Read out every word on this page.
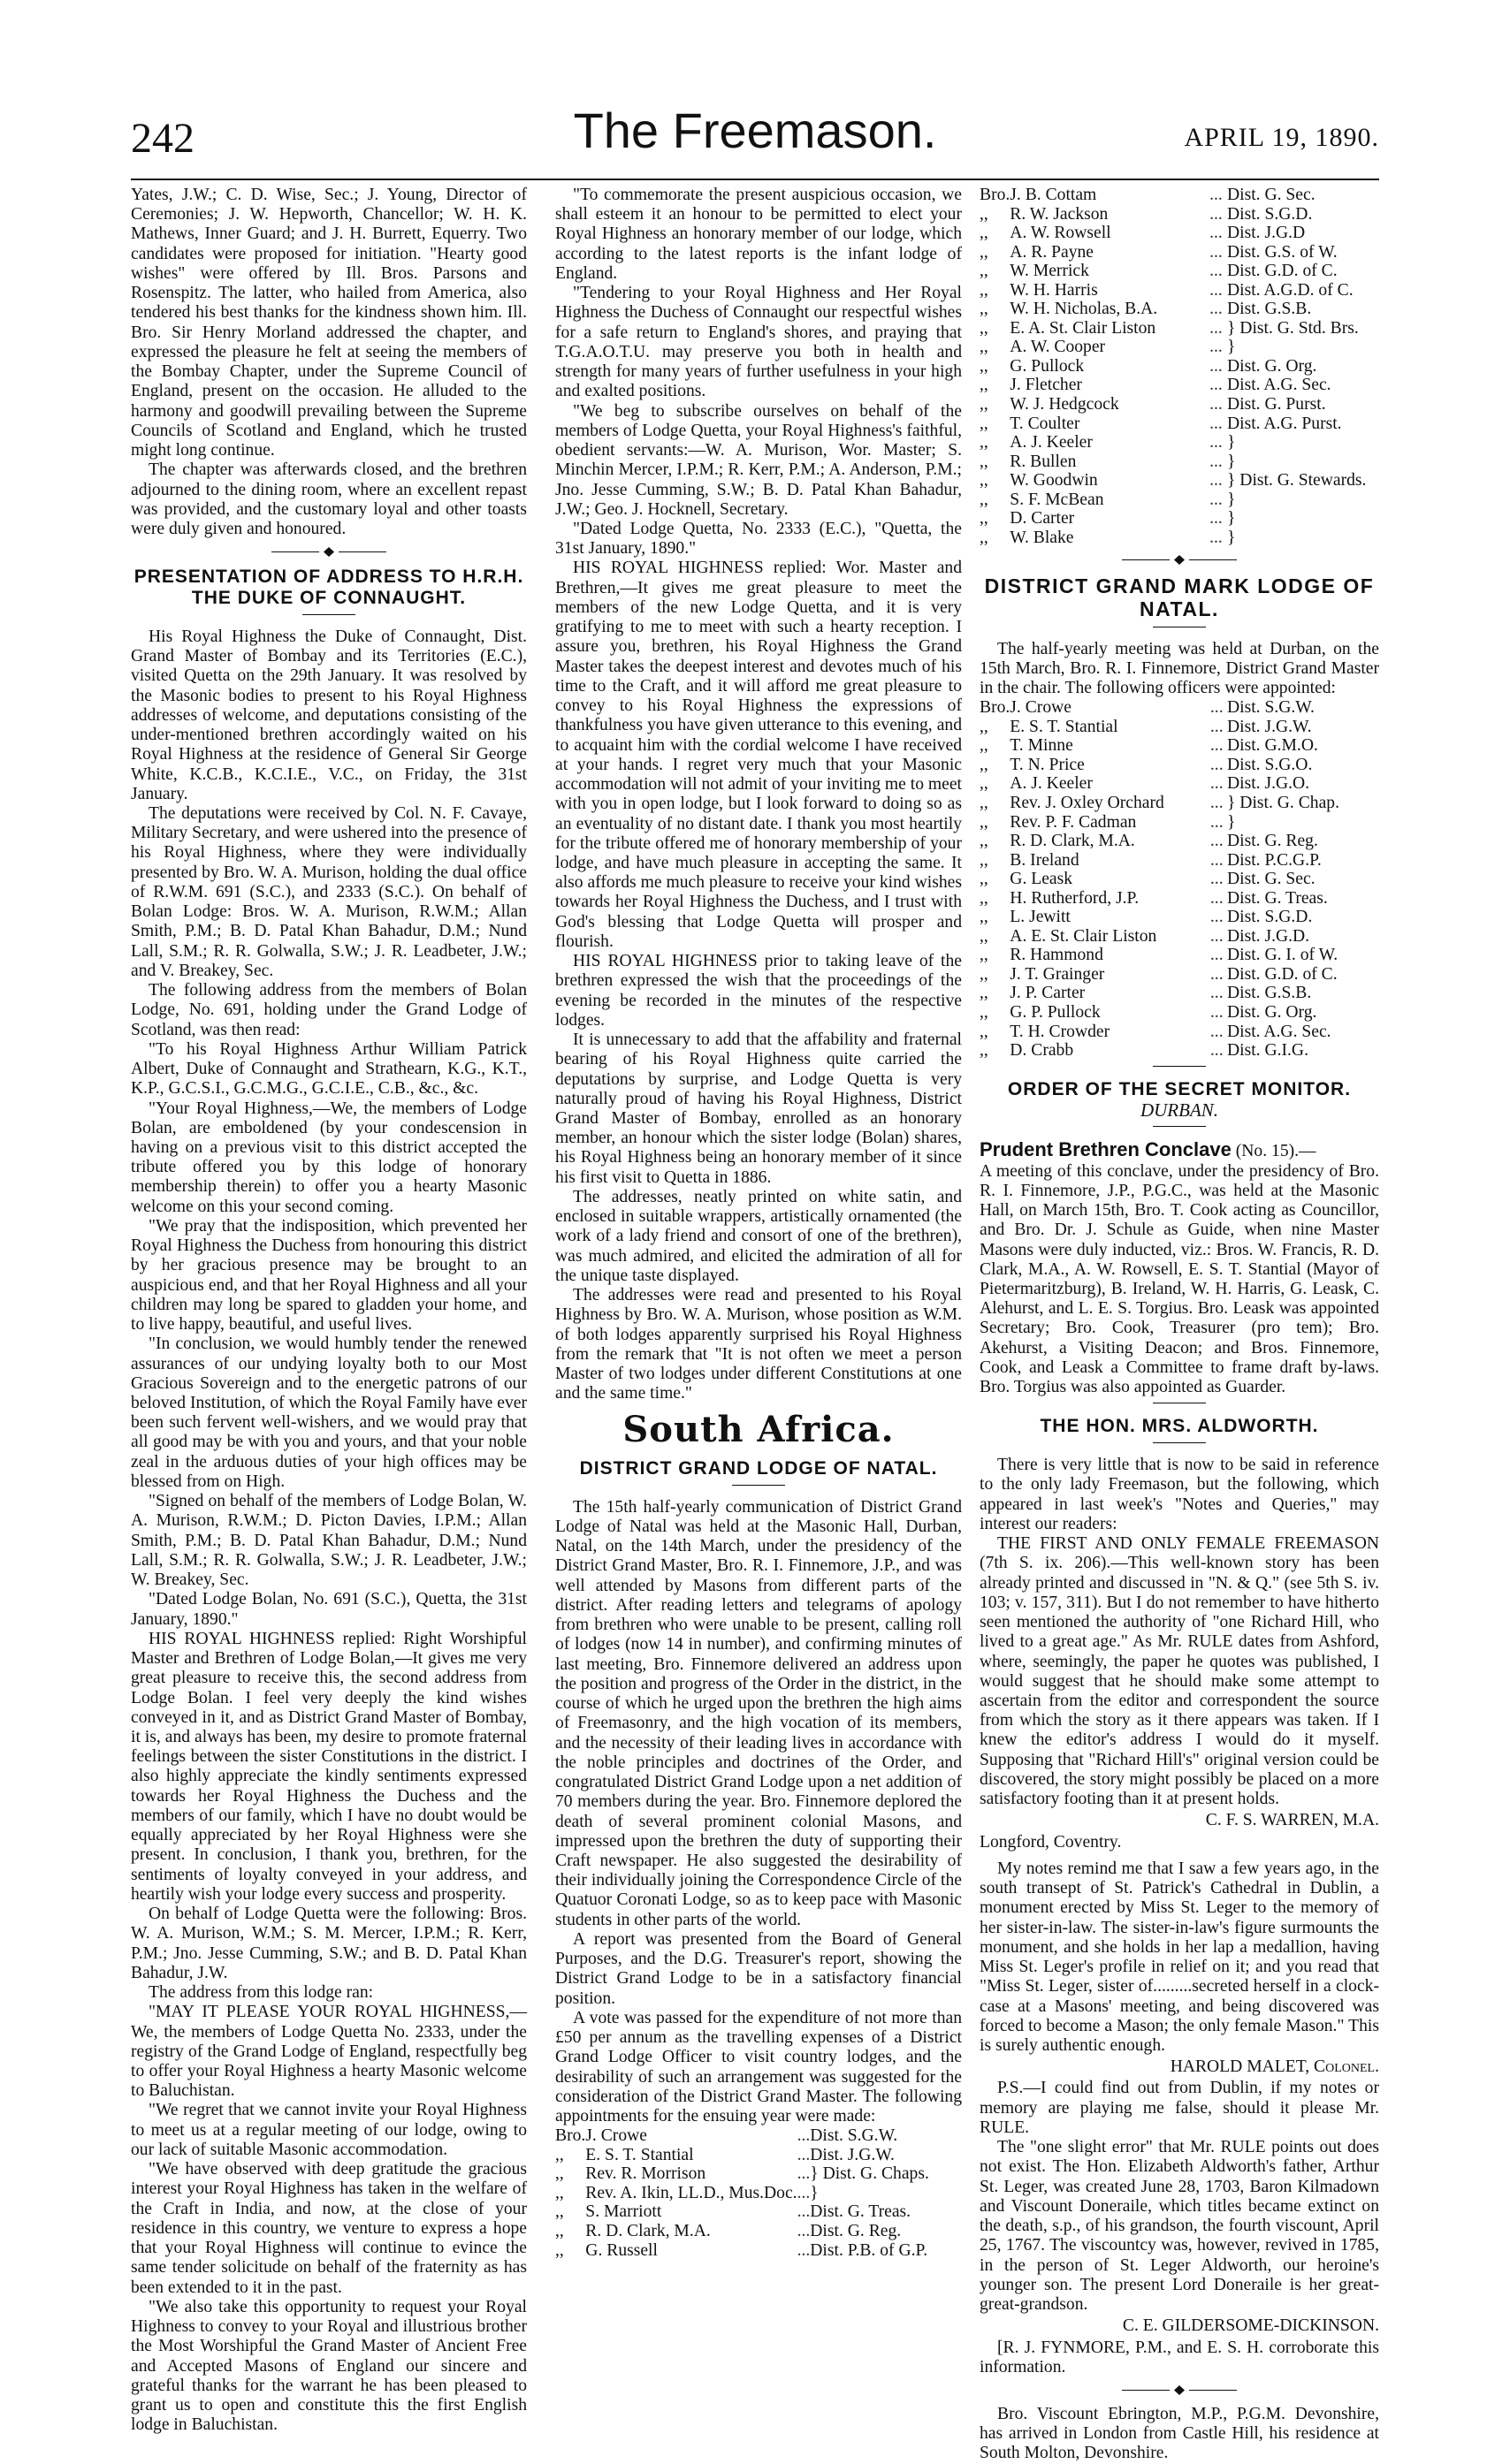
242	The Freemason.	APRIL 19, 1890.

Yates, J.W.; C. D. Wise, Sec.; J. Young, Director of Ceremonies; J. W. Hepworth, Chancellor; W. H. K. Mathews, Inner Guard; and J. H. Burrett, Equerry. Two candidates were proposed for initiation. "Hearty good wishes" were offered by Ill. Bros. Parsons and Rosenspitz. The latter, who hailed from America, also tendered his best thanks for the kindness shown him. Ill. Bro. Sir Henry Morland addressed the chapter, and expressed the pleasure he felt at seeing the members of the Bombay Chapter, under the Supreme Council of England, present on the occasion. He alluded to the harmony and goodwill prevailing between the Supreme Councils of Scotland and England, which he trusted might long continue.

The chapter was afterwards closed, and the brethren adjourned to the dining room, where an excellent repast was provided, and the customary loyal and other toasts were duly given and honoured.

PRESENTATION OF ADDRESS TO H.R.H. THE DUKE OF CONNAUGHT.

His Royal Highness the Duke of Connaught, Dist. Grand Master of Bombay and its Territories (E.C.), visited Quetta on the 29th January. It was resolved by the Masonic bodies to present to his Royal Highness addresses of welcome, and deputations consisting of the under-mentioned brethren accordingly waited on his Royal Highness at the residence of General Sir George White, K.C.B., K.C.I.E., V.C., on Friday, the 31st January.

The deputations were received by Col. N. F. Cavaye, Military Secretary, and were ushered into the presence of his Royal Highness, where they were individually presented by Bro. W. A. Murison, holding the dual office of R.W.M. 691 (S.C.), and 2333 (S.C.). On behalf of Bolan Lodge: Bros. W. A. Murison, R.W.M.; Allan Smith, P.M.; B. D. Patal Khan Bahadur, D.M.; Nund Lall, S.M.; R. R. Golwalla, S.W.; J. R. Leadbeter, J.W.; and V. Breakey, Sec.

The following address from the members of Bolan Lodge, No. 691, holding under the Grand Lodge of Scotland, was then read:

"To his Royal Highness Arthur William Patrick Albert, Duke of Connaught and Strathearn, K.G., K.T., K.P., G.C.S.I., G.C.M.G., G.C.I.E., C.B., &c., &c.

"Your Royal Highness,—We, the members of Lodge Bolan, are emboldened (by your condescension in having on a previous visit to this district accepted the tribute offered you by this lodge of honorary membership therein) to offer you a hearty Masonic welcome on this your second coming.

"We pray that the indisposition, which prevented her Royal Highness the Duchess from honouring this district by her gracious presence may be brought to an auspicious end, and that her Royal Highness and all your children may long be spared to gladden your home, and to live happy, beautiful, and useful lives.

"In conclusion, we would humbly tender the renewed assurances of our undying loyalty both to our Most Gracious Sovereign and to the energetic patrons of our beloved Institution, of which the Royal Family have ever been such fervent well-wishers, and we would pray that all good may be with you and yours, and that your noble zeal in the arduous duties of your high offices may be blessed from on High.

"Signed on behalf of the members of Lodge Bolan, W. A. Murison, R.W.M.; D. Picton Davies, I.P.M.; Allan Smith, P.M.; B. D. Patal Khan Bahadur, D.M.; Nund Lall, S.M.; R. R. Golwalla, S.W.; J. R. Leadbeter, J.W.; W. Breakey, Sec.

"Dated Lodge Bolan, No. 691 (S.C.), Quetta, the 31st January, 1890."

HIS ROYAL HIGHNESS replied: Right Worshipful Master and Brethren of Lodge Bolan,—It gives me very great pleasure to receive this, the second address from Lodge Bolan. I feel very deeply the kind wishes conveyed in it, and as District Grand Master of Bombay, it is, and always has been, my desire to promote fraternal feelings between the sister Constitutions in the district. I also highly appreciate the kindly sentiments expressed towards her Royal Highness the Duchess and the members of our family, which I have no doubt would be equally appreciated by her Royal Highness were she present. In conclusion, I thank you, brethren, for the sentiments of loyalty conveyed in your address, and heartily wish your lodge every success and prosperity.

On behalf of Lodge Quetta were the following: Bros. W. A. Murison, W.M.; S. M. Mercer, I.P.M.; R. Kerr, P.M.; Jno. Jesse Cumming, S.W.; and B. D. Patal Khan Bahadur, J.W.

The address from this lodge ran:

"MAY IT PLEASE YOUR ROYAL HIGHNESS,—We, the members of Lodge Quetta No. 2333, under the registry of the Grand Lodge of England, respectfully beg to offer your Royal Highness a hearty Masonic welcome to Baluchistan.

"We regret that we cannot invite your Royal Highness to meet us at a regular meeting of our lodge, owing to our lack of suitable Masonic accommodation.

"We have observed with deep gratitude the gracious interest your Royal Highness has taken in the welfare of the Craft in India, and now, at the close of your residence in this country, we venture to express a hope that your Royal Highness will continue to evince the same tender solicitude on behalf of the fraternity as has been extended to it in the past.

"We also take this opportunity to request your Royal Highness to convey to your Royal and illustrious brother the Most Worshipful the Grand Master of Ancient Free and Accepted Masons of England our sincere and grateful thanks for the warrant he has been pleased to grant us to open and constitute this the first English lodge in Baluchistan.

"To commemorate the present auspicious occasion, we shall esteem it an honour to be permitted to elect your Royal Highness an honorary member of our lodge, which according to the latest reports is the infant lodge of England.

"Tendering to your Royal Highness and Her Royal Highness the Duchess of Connaught our respectful wishes for a safe return to England's shores, and praying that T.G.A.O.T.U. may preserve you both in health and strength for many years of further usefulness in your high and exalted positions.

"We beg to subscribe ourselves on behalf of the members of Lodge Quetta, your Royal Highness's faithful, obedient servants:—W. A. Murison, Wor. Master; S. Minchin Mercer, I.P.M.; R. Kerr, P.M.; A. Anderson, P.M.; Jno. Jesse Cumming, S.W.; B. D. Patal Khan Bahadur, J.W.; Geo. J. Hocknell, Secretary.

"Dated Lodge Quetta, No. 2333 (E.C.), "Quetta, the 31st January, 1890."

HIS ROYAL HIGHNESS replied: Wor. Master and Brethren,—It gives me great pleasure to meet the members of the new Lodge Quetta, and it is very gratifying to me to meet with such a hearty reception. I assure you, brethren, his Royal Highness the Grand Master takes the deepest interest and devotes much of his time to the Craft, and it will afford me great pleasure to convey to his Royal Highness the expressions of thankfulness you have given utterance to this evening, and to acquaint him with the cordial welcome I have received at your hands. I regret very much that your Masonic accommodation will not admit of your inviting me to meet with you in open lodge, but I look forward to doing so as an eventuality of no distant date. I thank you most heartily for the tribute offered me of honorary membership of your lodge, and have much pleasure in accepting the same. It also affords me much pleasure to receive your kind wishes towards her Royal Highness the Duchess, and I trust with God's blessing that Lodge Quetta will prosper and flourish.

HIS ROYAL HIGHNESS prior to taking leave of the brethren expressed the wish that the proceedings of the evening be recorded in the minutes of the respective lodges.

It is unnecessary to add that the affability and fraternal bearing of his Royal Highness quite carried the deputations by surprise, and Lodge Quetta is very naturally proud of having his Royal Highness, District Grand Master of Bombay, enrolled as an honorary member, an honour which the sister lodge (Bolan) shares, his Royal Highness being an honorary member of it since his first visit to Quetta in 1886.

The addresses, neatly printed on white satin, and enclosed in suitable wrappers, artistically ornamented (the work of a lady friend and consort of one of the brethren), was much admired, and elicited the admiration of all for the unique taste displayed.

The addresses were read and presented to his Royal Highness by Bro. W. A. Murison, whose position as W.M. of both lodges apparently surprised his Royal Highness from the remark that "It is not often we meet a person Master of two lodges under different Constitutions at one and the same time."

South Africa.
DISTRICT GRAND LODGE OF NATAL.

The 15th half-yearly communication of District Grand Lodge of Natal was held at the Masonic Hall, Durban, Natal, on the 14th March, under the presidency of the District Grand Master, Bro. R. I. Finnemore, J.P., and was well attended by Masons from different parts of the district. After reading letters and telegrams of apology from brethren who were unable to be present, calling roll of lodges (now 14 in number), and confirming minutes of last meeting, Bro. Finnemore delivered an address upon the position and progress of the Order in the district, in the course of which he urged upon the brethren the high aims of Freemasonry, and the high vocation of its members, and the necessity of their leading lives in accordance with the noble principles and doctrines of the Order, and congratulated District Grand Lodge upon a net addition of 70 members during the year. Bro. Finnemore deplored the death of several prominent colonial Masons, and impressed upon the brethren the duty of supporting their Craft newspaper. He also suggested the desirability of their individually joining the Correspondence Circle of the Quatuor Coronati Lodge, so as to keep pace with Masonic students in other parts of the world.

A report was presented from the Board of General Purposes, and the D.G. Treasurer's report, showing the District Grand Lodge to be in a satisfactory financial position.

A vote was passed for the expenditure of not more than £50 per annum as the travelling expenses of a District Grand Lodge Officer to visit country lodges, and the desirability of such an arrangement was suggested for the consideration of the District Grand Master. The following appointments for the ensuing year were made:

Bro.	J. Crowe	...	Dist. S.G.W.
,,	E. S. T. Stantial	...	Dist. J.G.W.
,,	Rev. R. Morrison	...	} Dist. G. Chaps.
,,	Rev. A. Ikin, LL.D., Mus.Doc.	...	}
,,	S. Marriott	...	Dist. G. Treas.
,,	R. D. Clark, M.A.	...	Dist. G. Reg.
,,	G. Russell	...	Dist. P.B. of G.P.
Bro.	J. B. Cottam	...	Dist. G. Sec.
,,	R. W. Jackson	...	Dist. S.G.D.
,,	A. W. Rowsell	...	Dist. J.G.D
,,	A. R. Payne	...	Dist. G.S. of W.
,,	W. Merrick	...	Dist. G.D. of C.
,,	W. H. Harris	...	Dist. A.G.D. of C.
,,	W. H. Nicholas, B.A.	...	Dist. G.S.B.
,,	E. A. St. Clair Liston	...	} Dist. G. Std. Brs.
,,	A. W. Cooper	...	}
,,	G. Pullock	...	Dist. G. Org.
,,	J. Fletcher	...	Dist. A.G. Sec.
,,	W. J. Hedgcock	...	Dist. G. Purst.
,,	T. Coulter	...	Dist. A.G. Purst.
,,	A. J. Keeler	...	}
,,	R. Bullen	...	}
,,	W. Goodwin	...	} Dist. G. Stewards.
,,	S. F. McBean	...	}
,,	D. Carter	...	}
,,	W. Blake	...	}
DISTRICT GRAND MARK LODGE OF NATAL.

The half-yearly meeting was held at Durban, on the 15th March, Bro. R. I. Finnemore, District Grand Master in the chair. The following officers were appointed:

Bro.	J. Crowe	...	Dist. S.G.W.
,,	E. S. T. Stantial	...	Dist. J.G.W.
,,	T. Minne	...	Dist. G.M.O.
,,	T. N. Price	...	Dist. S.G.O.
,,	A. J. Keeler	...	Dist. J.G.O.
,,	Rev. J. Oxley Orchard	...	} Dist. G. Chap.
,,	Rev. P. F. Cadman	...	}
,,	R. D. Clark, M.A.	...	Dist. G. Reg.
,,	B. Ireland	...	Dist. P.C.G.P.
,,	G. Leask	...	Dist. G. Sec.
,,	H. Rutherford, J.P.	...	Dist. G. Treas.
,,	L. Jewitt	...	Dist. S.G.D.
,,	A. E. St. Clair Liston	...	Dist. J.G.D.
,,	R. Hammond	...	Dist. G. I. of W.
,,	J. T. Grainger	...	Dist. G.D. of C.
,,	J. P. Carter	...	Dist. G.S.B.
,,	G. P. Pullock	...	Dist. G. Org.
,,	T. H. Crowder	...	Dist. A.G. Sec.
,,	D. Crabb	...	Dist. G.I.G.
ORDER OF THE SECRET MONITOR.
DURBAN.

Prudent Brethren Conclave (No. 15).—

A meeting of this conclave, under the presidency of Bro. R. I. Finnemore, J.P., P.G.C., was held at the Masonic Hall, on March 15th, Bro. T. Cook acting as Councillor, and Bro. Dr. J. Schule as Guide, when nine Master Masons were duly inducted, viz.: Bros. W. Francis, R. D. Clark, M.A., A. W. Rowsell, E. S. T. Stantial (Mayor of Pietermaritzburg), B. Ireland, W. H. Harris, G. Leask, C. Alehurst, and L. E. S. Torgius. Bro. Leask was appointed Secretary; Bro. Cook, Treasurer (pro tem); Bro. Akehurst, a Visiting Deacon; and Bros. Finnemore, Cook, and Leask a Committee to frame draft by-laws. Bro. Torgius was also appointed as Guarder.

THE HON. MRS. ALDWORTH.

There is very little that is now to be said in reference to the only lady Freemason, but the following, which appeared in last week's "Notes and Queries," may interest our readers:

THE FIRST AND ONLY FEMALE FREEMASON (7th S. ix. 206).—This well-known story has been already printed and discussed in "N. & Q." (see 5th S. iv. 103; v. 157, 311). But I do not remember to have hitherto seen mentioned the authority of "one Richard Hill, who lived to a great age." As Mr. RULE dates from Ashford, where, seemingly, the paper he quotes was published, I would suggest that he should make some attempt to ascertain from the editor and correspondent the source from which the story as it there appears was taken. If I knew the editor's address I would do it myself. Supposing that "Richard Hill's" original version could be discovered, the story might possibly be placed on a more satisfactory footing than it at present holds.

C. F. S. WARREN, M.A.
Longford, Coventry.

My notes remind me that I saw a few years ago, in the south transept of St. Patrick's Cathedral in Dublin, a monument erected by Miss St. Leger to the memory of her sister-in-law. The sister-in-law's figure surmounts the monument, and she holds in her lap a medallion, having Miss St. Leger's profile in relief on it; and you read that "Miss St. Leger, sister of.........secreted herself in a clock-case at a Masons' meeting, and being discovered was forced to become a Mason; the only female Mason." This is surely authentic enough.

HAROLD MALET, Colonel.

P.S.—I could find out from Dublin, if my notes or memory are playing me false, should it please Mr. RULE.

The "one slight error" that Mr. RULE points out does not exist. The Hon. Elizabeth Aldworth's father, Arthur St. Leger, was created June 28, 1703, Baron Kilmadown and Viscount Doneraile, which titles became extinct on the death, s.p., of his grandson, the fourth viscount, April 25, 1767. The viscountcy was, however, revived in 1785, in the person of St. Leger Aldworth, our heroine's younger son. The present Lord Doneraile is her great-great-grandson.

C. E. GILDERSOME-DICKINSON.

[R. J. FYNMORE, P.M., and E. S. H. corroborate this information.

Bro. Viscount Ebrington, M.P., P.G.M. Devonshire, has arrived in London from Castle Hill, his residence at South Molton, Devonshire.
